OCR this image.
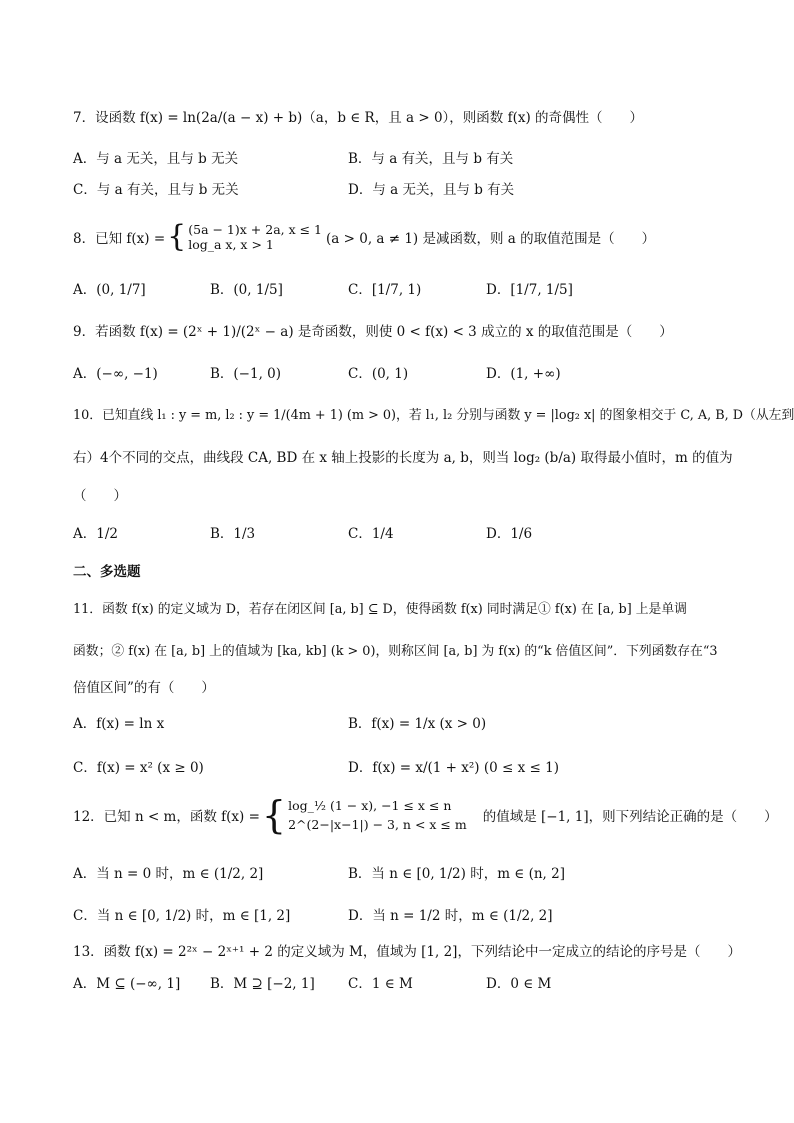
7．设函数 f(x) = ln(2a/(a − x) + b)（a，b ∈ R，且 a > 0），则函数 f(x) 的奇偶性（　　）
A．与 a 无关，且与 b 无关	B．与 a 有关，且与 b 有关
C．与 a 有关，且与 b 无关	D．与 a 无关，且与 b 有关
8．已知 f(x) = { (5a − 1)x + 2a, x ≤ 1
log_a x, x > 1	(a > 0, a ≠ 1) 是减函数，则 a 的取值范围是（　　）
A．(0, 1/7]	B．(0, 1/5]	C．[1/7, 1)	D．[1/7, 1/5]
9．若函数 f(x) = (2ˣ + 1)/(2ˣ − a) 是奇函数，则使 0 < f(x) < 3 成立的 x 的取值范围是（　　）
A．(−∞, −1)	B．(−1, 0)	C．(0, 1)	D．(1, +∞)
10．已知直线 l₁ : y = m, l₂ : y = 1/(4m + 1) (m > 0)，若 l₁, l₂ 分别与函数 y = |log₂ x| 的图象相交于 C, A, B, D（从左到
右）4个不同的交点，曲线段 CA, BD 在 x 轴上投影的长度为 a, b，则当 log₂ (b/a) 取得最小值时，m 的值为
（　　）
A．1/2	B．1/3	C．1/4	D．1/6
二、多选题
11．函数 f(x) 的定义域为 D，若存在闭区间 [a, b] ⊆ D，使得函数 f(x) 同时满足① f(x) 在 [a, b] 上是单调
函数；② f(x) 在 [a, b] 上的值域为 [ka, kb] (k > 0)，则称区间 [a, b] 为 f(x) 的“k 倍值区间”．下列函数存在“3
倍值区间”的有（　　）
A．f(x) = ln x	B．f(x) = 1/x (x > 0)
C．f(x) = x² (x ≥ 0)	D．f(x) = x/(1 + x²) (0 ≤ x ≤ 1)
12．已知 n < m，函数 f(x) = { log_½ (1 − x), −1 ≤ x ≤ n
2^(2−|x−1|) − 3, n < x ≤ m 的值域是 [−1, 1]，则下列结论正确的是（　　）
A．当 n = 0 时，m ∈ (1/2, 2]	B．当 n ∈ [0, 1/2) 时，m ∈ (n, 2]
C．当 n ∈ [0, 1/2) 时，m ∈ [1, 2]	D．当 n = 1/2 时，m ∈ (1/2, 2]
13．函数 f(x) = 2²ˣ − 2ˣ⁺¹ + 2 的定义域为 M，值域为 [1, 2]，下列结论中一定成立的结论的序号是（　　）
A．M ⊆ (−∞, 1] B．M ⊇ [−2, 1] C．1 ∈ M	D．0 ∈ M
